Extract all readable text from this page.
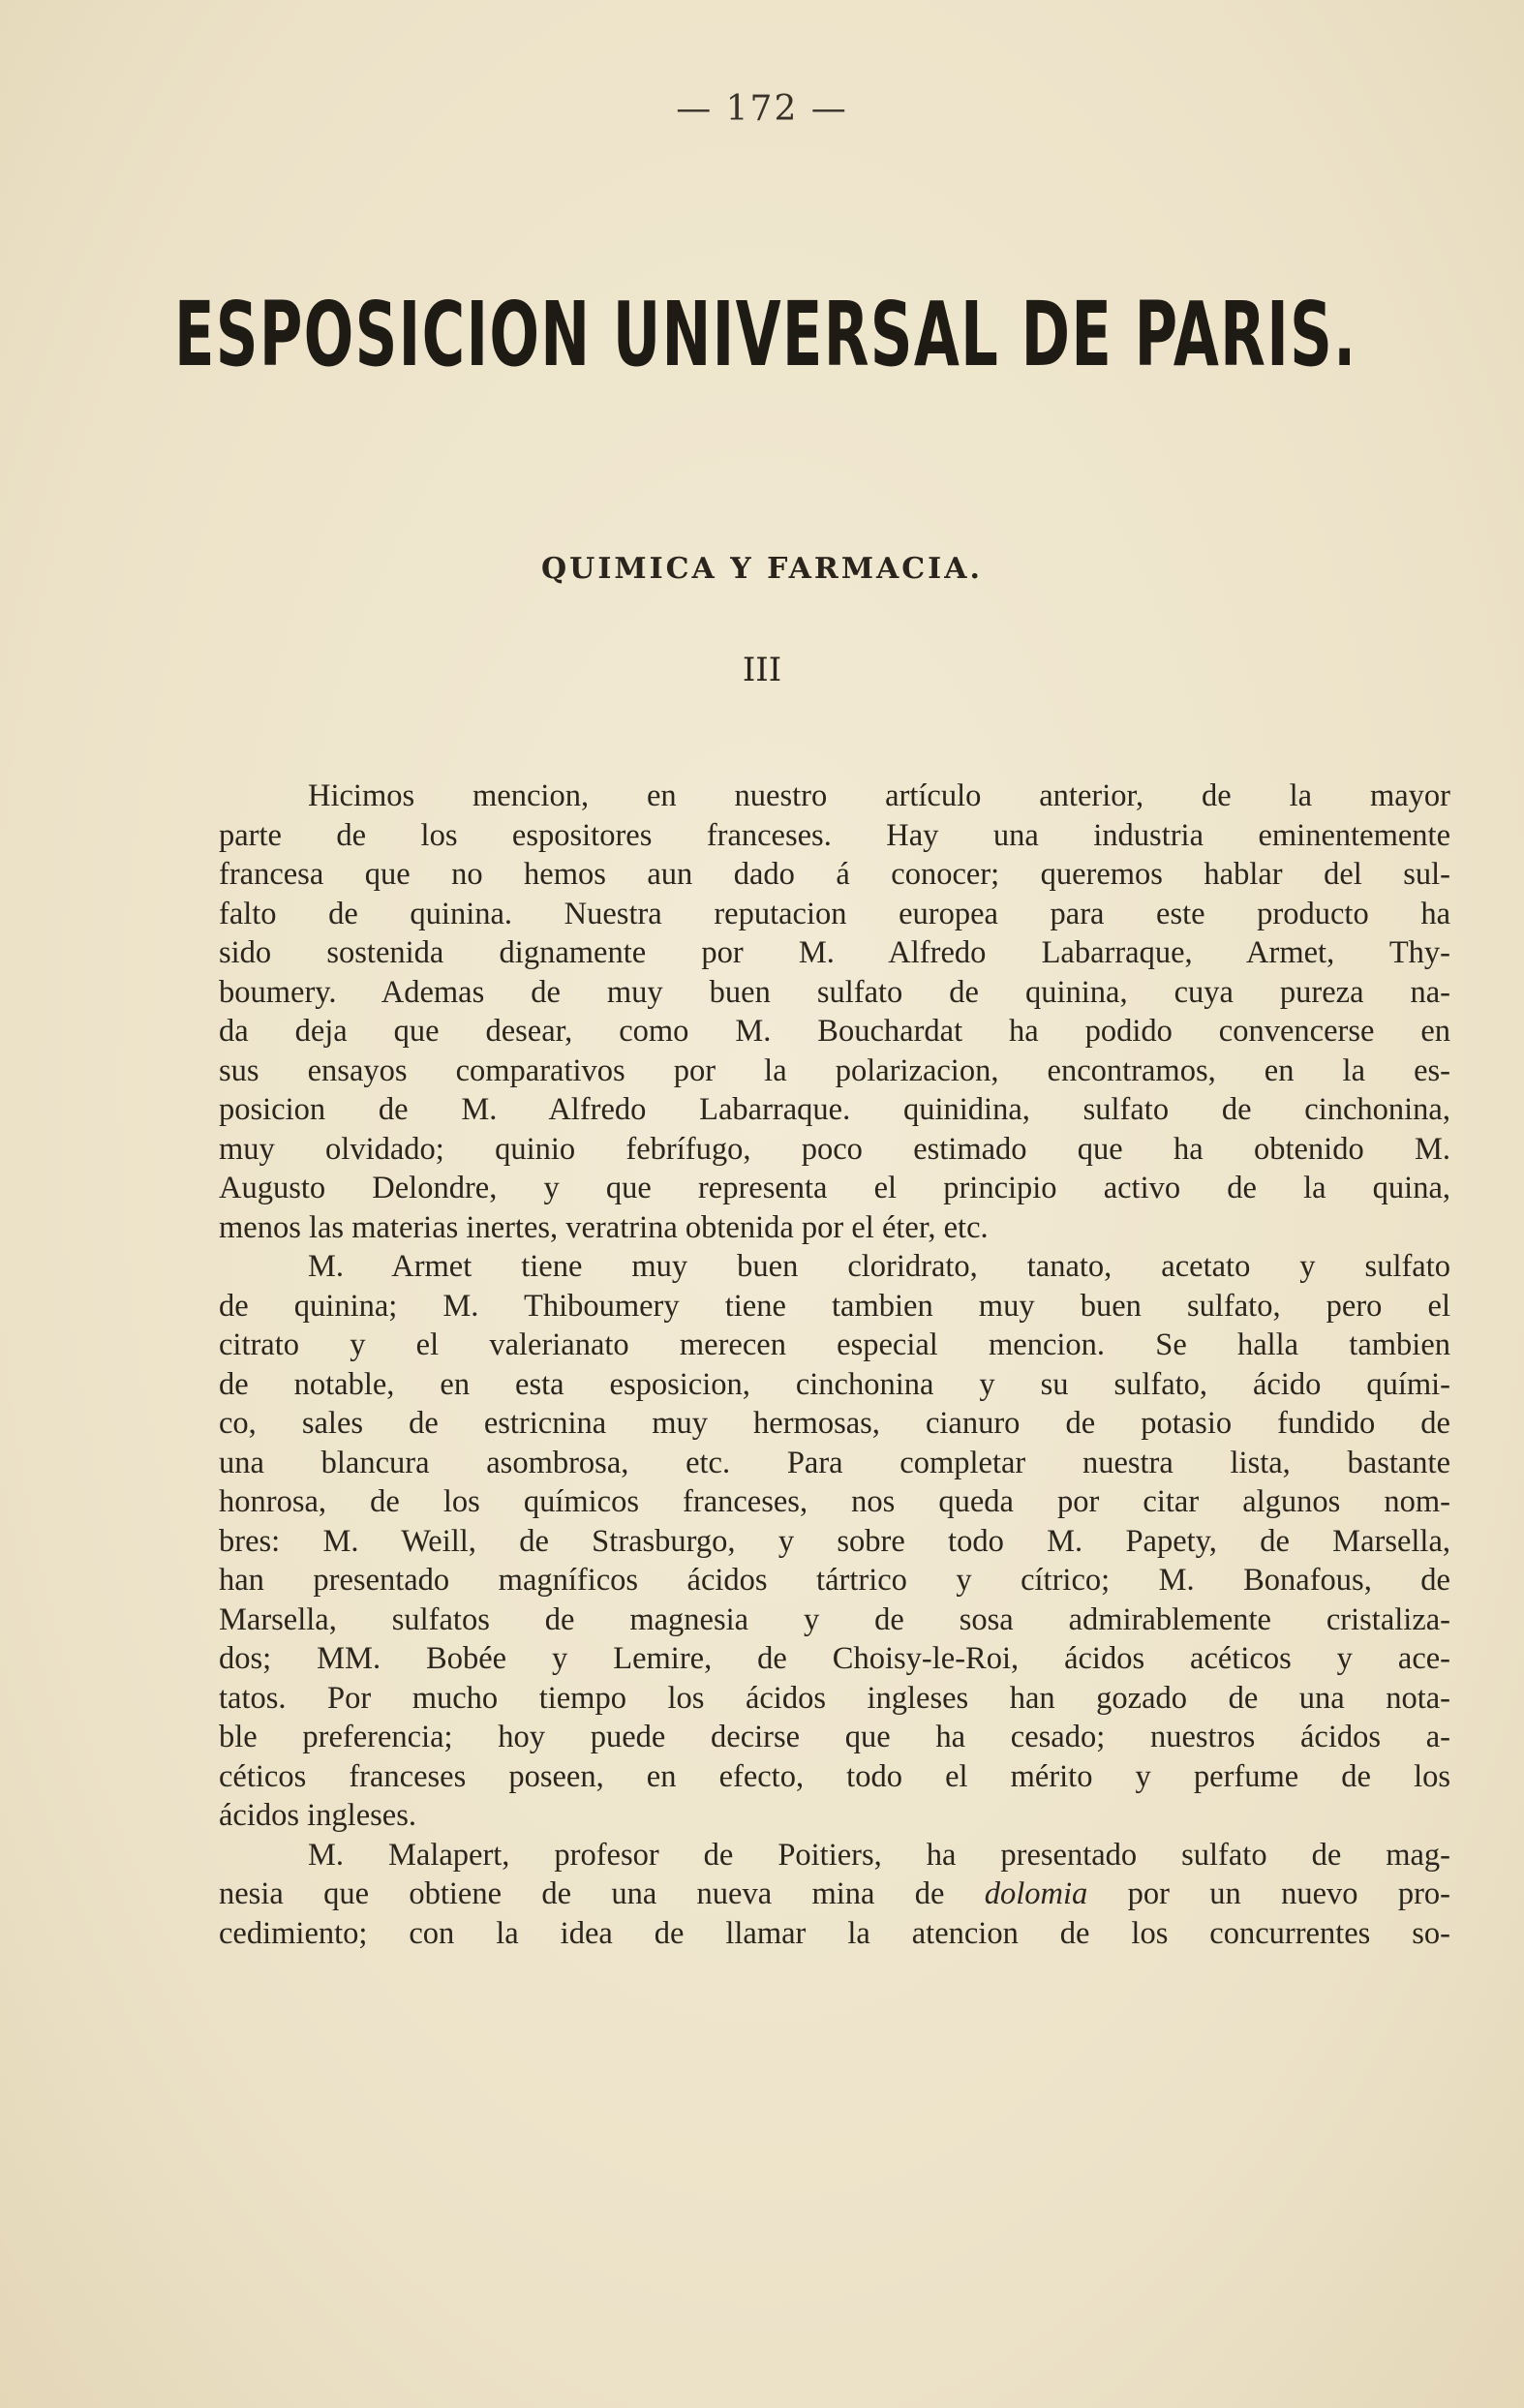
— 172 —
ESPOSICION UNIVERSAL DE PARIS.
QUIMICA Y FARMACIA.
III
Hicimos mencion, en nuestro artículo anterior, de la mayor
parte de los espositores franceses. Hay una industria eminentemente
francesa que no hemos aun dado á conocer; queremos hablar del sul-
falto de quinina. Nuestra reputacion europea para este producto ha
sido sostenida dignamente por M. Alfredo Labarraque, Armet, Thy-
boumery. Ademas de muy buen sulfato de quinina, cuya pureza na-
da deja que desear, como M. Bouchardat ha podido convencerse en
sus ensayos comparativos por la polarizacion, encontramos, en la es-
posicion de M. Alfredo Labarraque. quinidina, sulfato de cinchonina,
muy olvidado; quinio febrífugo, poco estimado que ha obtenido M.
Augusto Delondre, y que representa el principio activo de la quina,
menos las materias inertes, veratrina obtenida por el éter, etc.
M. Armet tiene muy buen cloridrato, tanato, acetato y sulfato
de quinina; M. Thiboumery tiene tambien muy buen sulfato, pero el
citrato y el valerianato merecen especial mencion. Se halla tambien
de notable, en esta esposicion, cinchonina y su sulfato, ácido quími-
co, sales de estricnina muy hermosas, cianuro de potasio fundido de
una blancura asombrosa, etc. Para completar nuestra lista, bastante
honrosa, de los químicos franceses, nos queda por citar algunos nom-
bres: M. Weill, de Strasburgo, y sobre todo M. Papety, de Marsella,
han presentado magníficos ácidos tártrico y cítrico; M. Bonafous, de
Marsella, sulfatos de magnesia y de sosa admirablemente cristaliza-
dos; MM. Bobée y Lemire, de Choisy-le-Roi, ácidos acéticos y ace-
tatos. Por mucho tiempo los ácidos ingleses han gozado de una nota-
ble preferencia; hoy puede decirse que ha cesado; nuestros ácidos a-
céticos franceses poseen, en efecto, todo el mérito y perfume de los
ácidos ingleses.
M. Malapert, profesor de Poitiers, ha presentado sulfato de mag-
nesia que obtiene de una nueva mina de dolomia por un nuevo pro-
cedimiento; con la idea de llamar la atencion de los concurrentes so-
